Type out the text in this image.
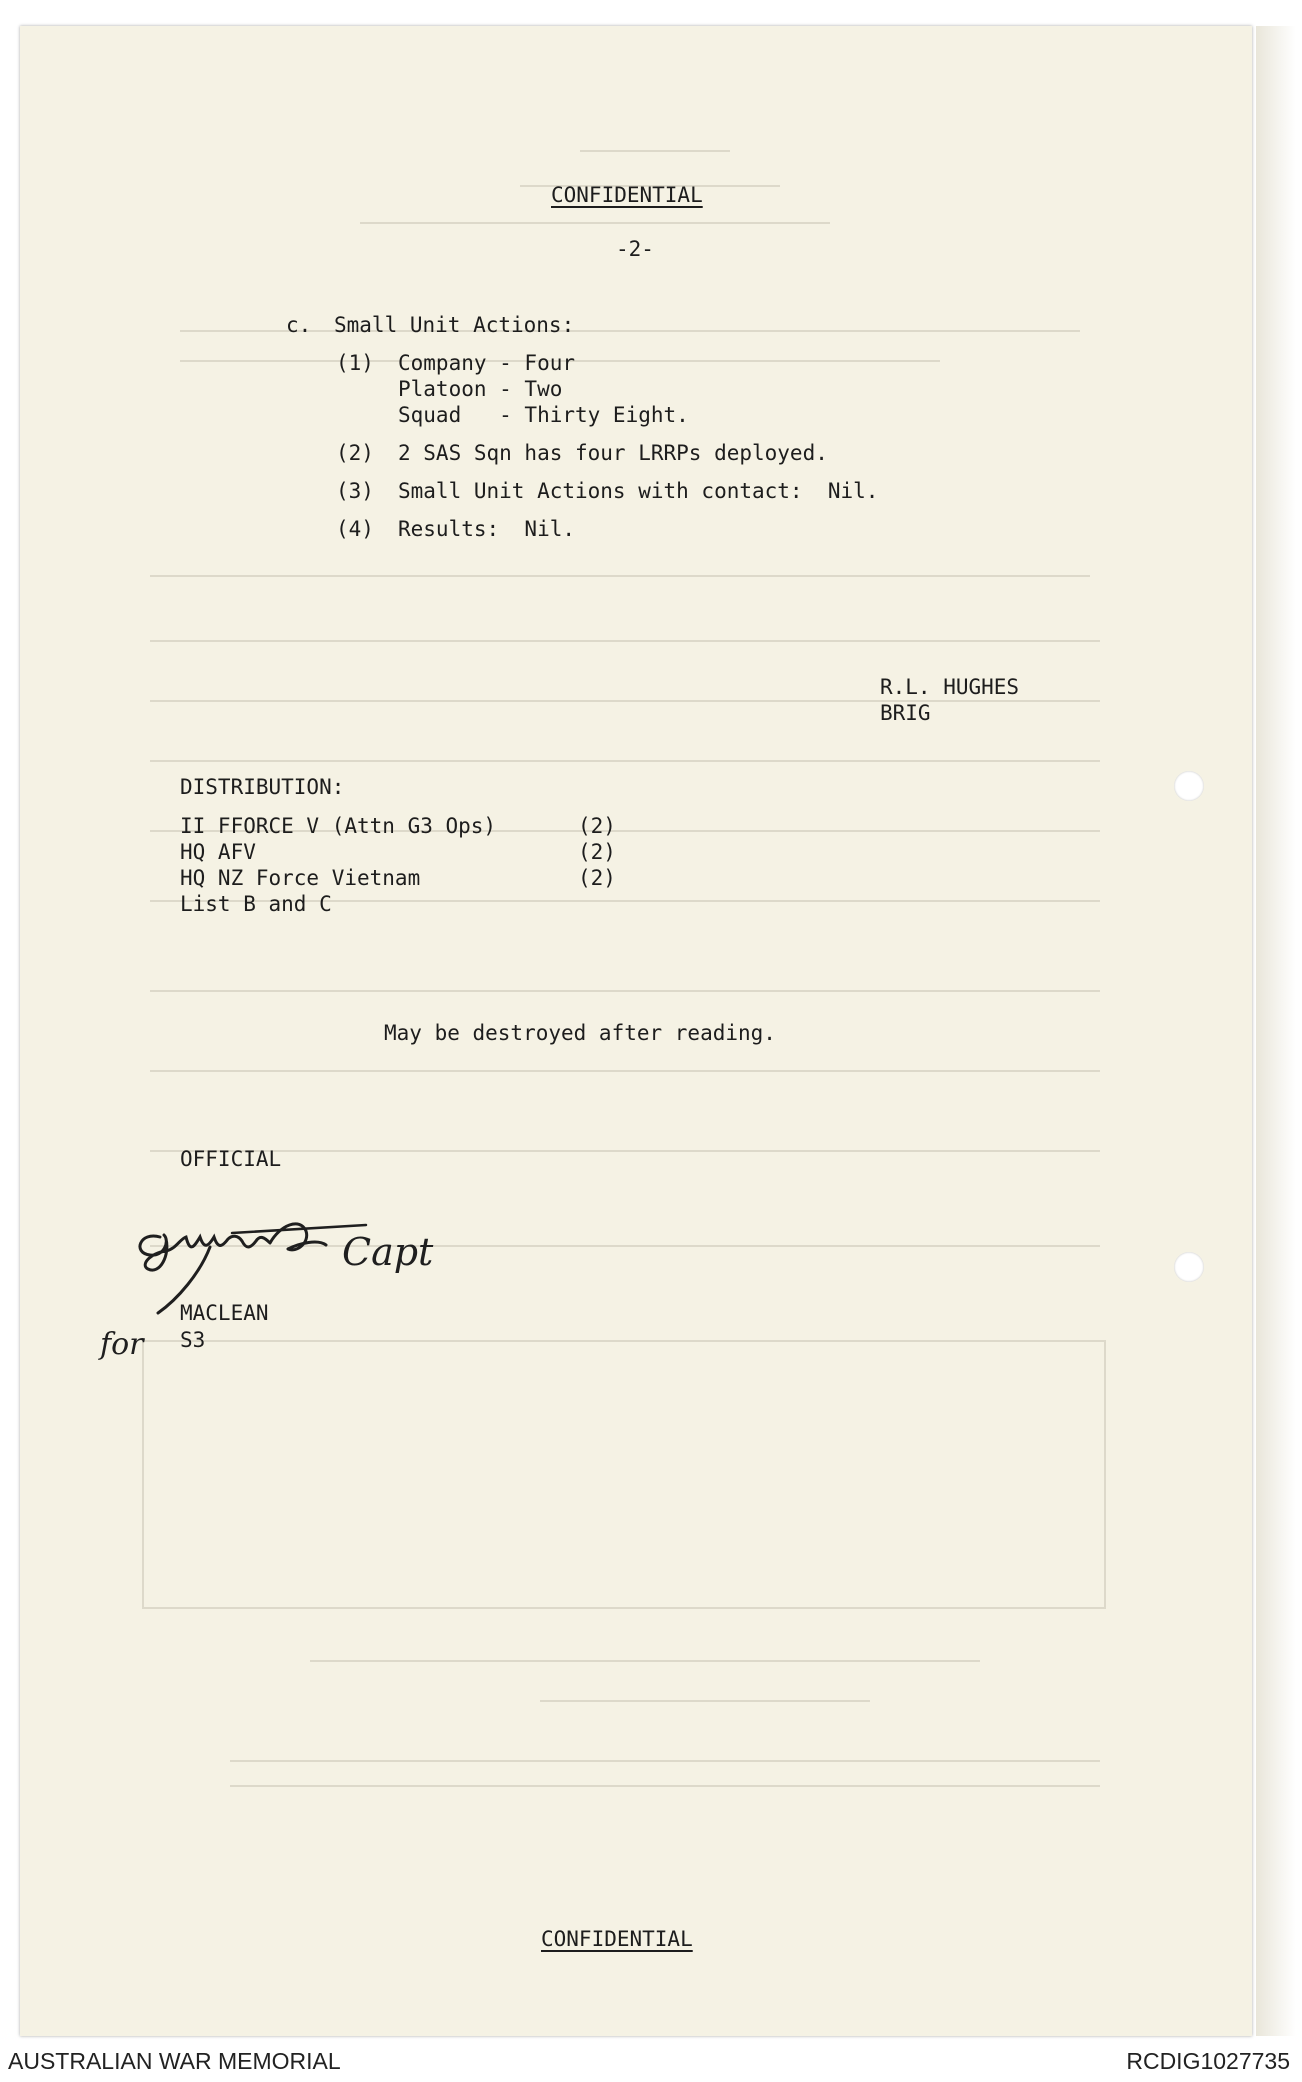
CONFIDENTIAL
-2-
c. Small Unit Actions:
(1) Company - Four
Platoon - Two
Squad   - Thirty Eight.
(2) 2 SAS Sqn has four LRRPs deployed.
(3) Small Unit Actions with contact:  Nil.
(4) Results:  Nil.
R.L. HUGHES
BRIG
DISTRIBUTION:
II FFORCE V (Attn G3 Ops)	(2)
HQ AFV	(2)
HQ NZ Force Vietnam	(2)
List B and C
May be destroyed after reading.
OFFICIAL
Capt
for
MACLEAN
S3
CONFIDENTIAL
AUSTRALIAN WAR MEMORIAL	RCDIG1027735
